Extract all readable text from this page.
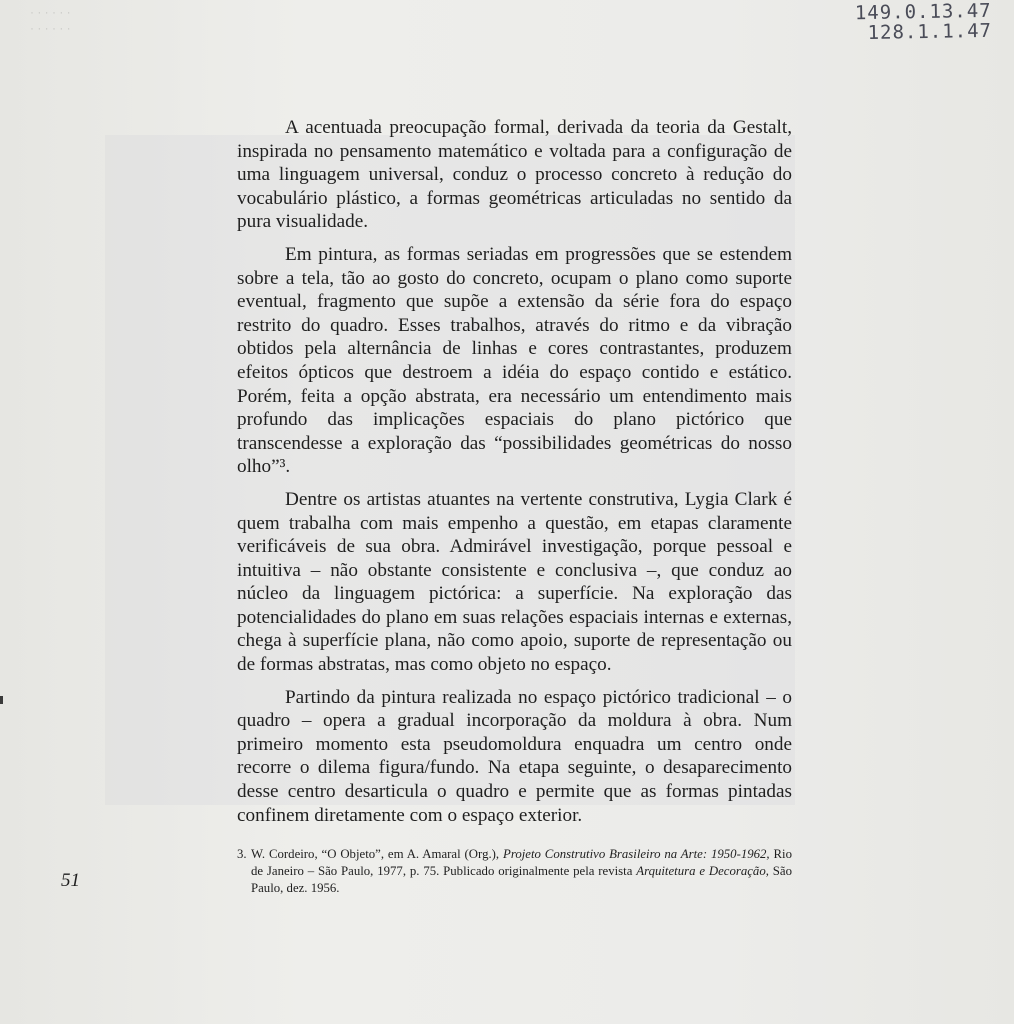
· · · · · ·
· · · · · ·
149.0.13.47
128.1.1.47

A acentuada preocupação formal, derivada da teoria da Gestalt, inspirada no pensamento matemático e voltada para a configuração de uma linguagem universal, conduz o processo concreto à redução do vocabulário plástico, a formas geométricas articuladas no sentido da pura visualidade.

Em pintura, as formas seriadas em progressões que se estendem sobre a tela, tão ao gosto do concreto, ocupam o plano como suporte eventual, fragmento que supõe a extensão da série fora do espaço restrito do quadro. Esses trabalhos, através do ritmo e da vibração obtidos pela alternância de linhas e cores contrastantes, produzem efeitos ópticos que destroem a idéia do espaço contido e estático. Porém, feita a opção abstrata, era necessário um entendimento mais profundo das implicações espaciais do plano pictórico que transcendesse a exploração das “possibilidades geométricas do nosso olho”³.

Dentre os artistas atuantes na vertente construtiva, Lygia Clark é quem trabalha com mais empenho a questão, em etapas claramente verificáveis de sua obra. Admirável investigação, porque pessoal e intuitiva – não obstante consistente e conclusiva –, que conduz ao núcleo da linguagem pictórica: a superfície. Na exploração das potencialidades do plano em suas relações espaciais internas e externas, chega à superfície plana, não como apoio, suporte de representação ou de formas abstratas, mas como objeto no espaço.

Partindo da pintura realizada no espaço pictórico tradicional – o quadro – opera a gradual incorporação da moldura à obra. Num primeiro momento esta pseudomoldura enquadra um centro onde recorre o dilema figura/fundo. Na etapa seguinte, o desaparecimento desse centro desarticula o quadro e permite que as formas pintadas confinem diretamente com o espaço exterior.

3. W. Cordeiro, “O Objeto”, em A. Amaral (Org.), Projeto Construtivo Brasileiro na Arte: 1950-1962, Rio de Janeiro – São Paulo, 1977, p. 75. Publicado originalmente pela revista Arquitetura e Decoração, São Paulo, dez. 1956.
51
